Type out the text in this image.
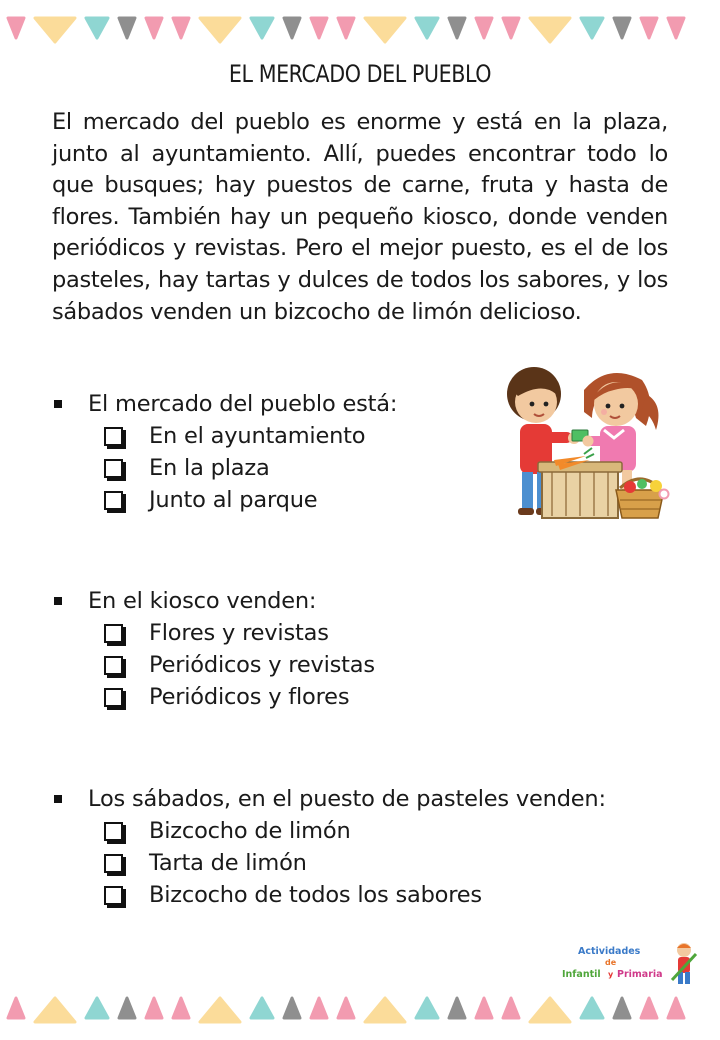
EL MERCADO DEL PUEBLO
El mercado del pueblo es enorme y está en la plaza, junto al ayuntamiento. Allí, puedes encontrar todo lo que busques; hay puestos de carne, fruta y hasta de flores. También hay un pequeño kiosco, donde venden periódicos y revistas. Pero el mejor puesto, es el de los pasteles, hay tartas y dulces de todos los sabores, y los sábados venden un bizcocho de limón delicioso.
El mercado del pueblo está:
En el ayuntamiento
En la plaza
Junto al parque
En el kiosco venden:
Flores y revistas
Periódicos y revistas
Periódicos y flores
Los sábados, en el puesto de pasteles venden:
Bizcocho de limón
Tarta de limón
Bizcocho de todos los sabores
Actividades
de
Infantil y Primaria
